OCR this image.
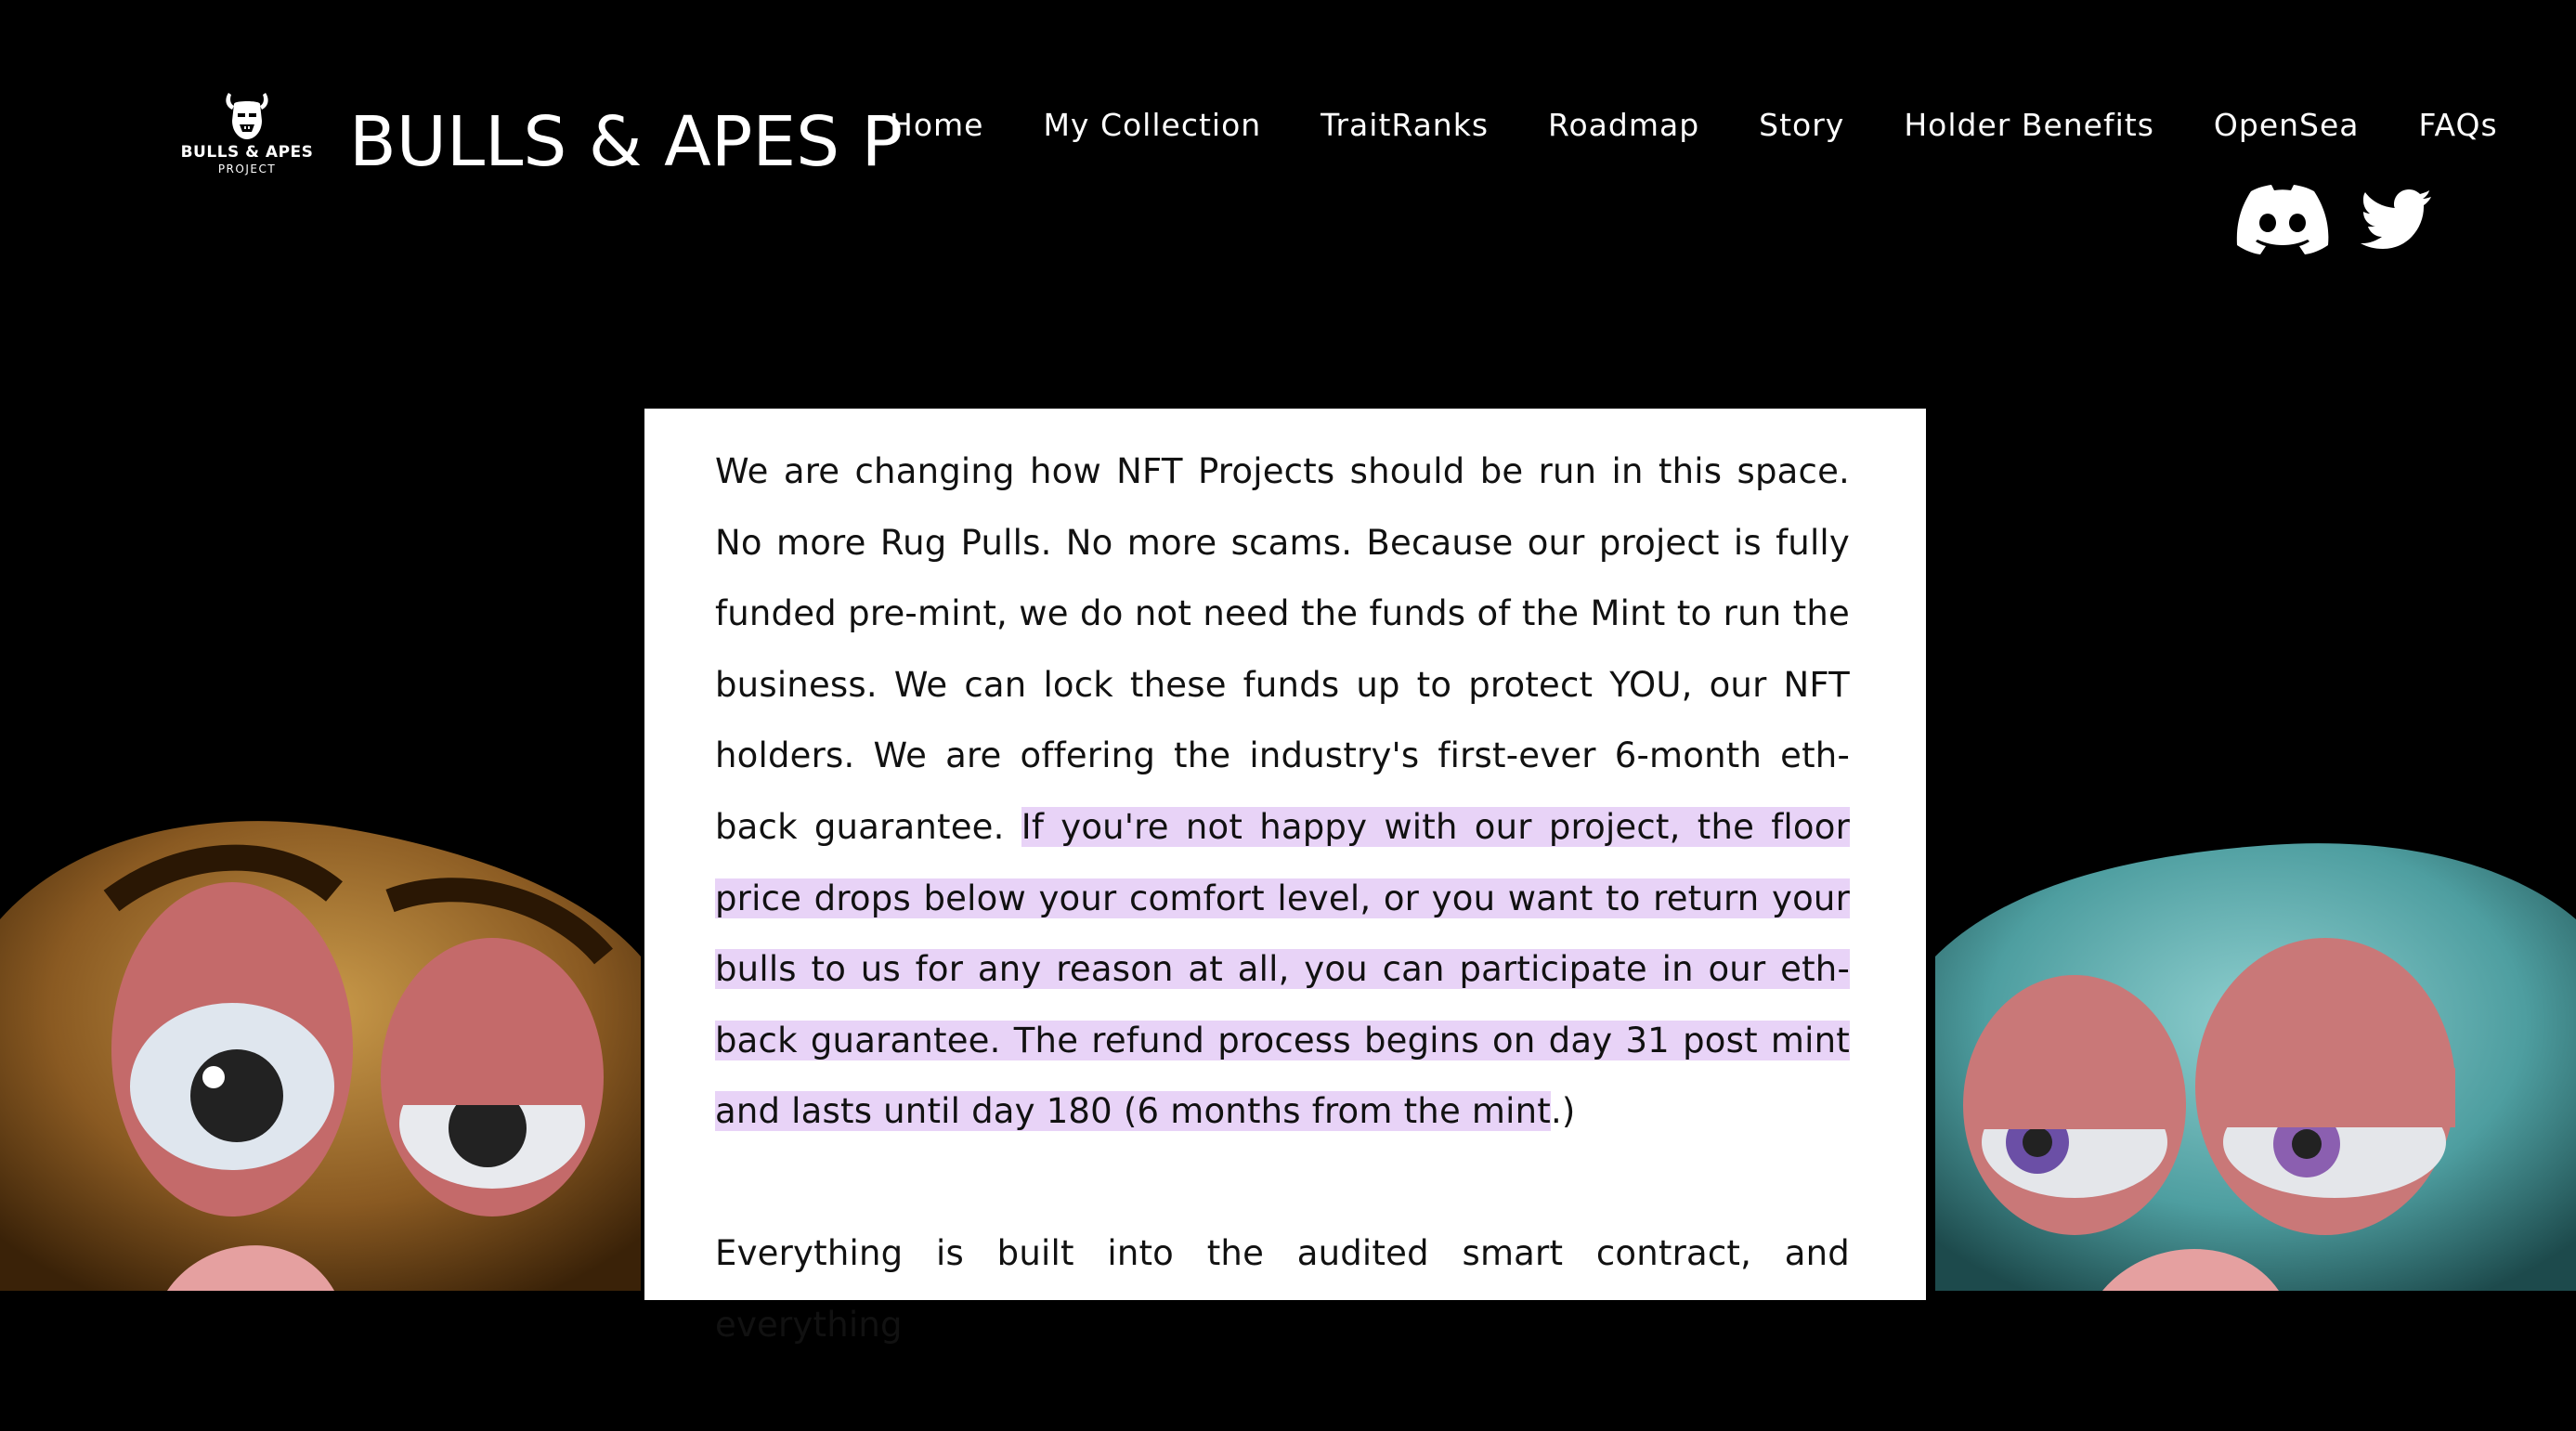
BULLS & APES
PROJECT BULLS & APES P
Home My Collection TraitRanks Roadmap Story Holder Benefits OpenSea FAQs

We are changing how NFT Projects should be run in this space. No more Rug Pulls. No more scams. Because our project is fully funded pre-mint, we do not need the funds of the Mint to run the business. We can lock these funds up to protect YOU, our NFT holders. We are offering the industry's first-ever 6-month eth-back guarantee. If you're not happy with our project, the floor price drops below your comfort level, or you want to return your bulls to us for any reason at all, you can participate in our eth-back guarantee. The refund process begins on day 31 post mint and lasts until day 180 (6 months from the mint.)

Everything is built into the audited smart contract, and everything
